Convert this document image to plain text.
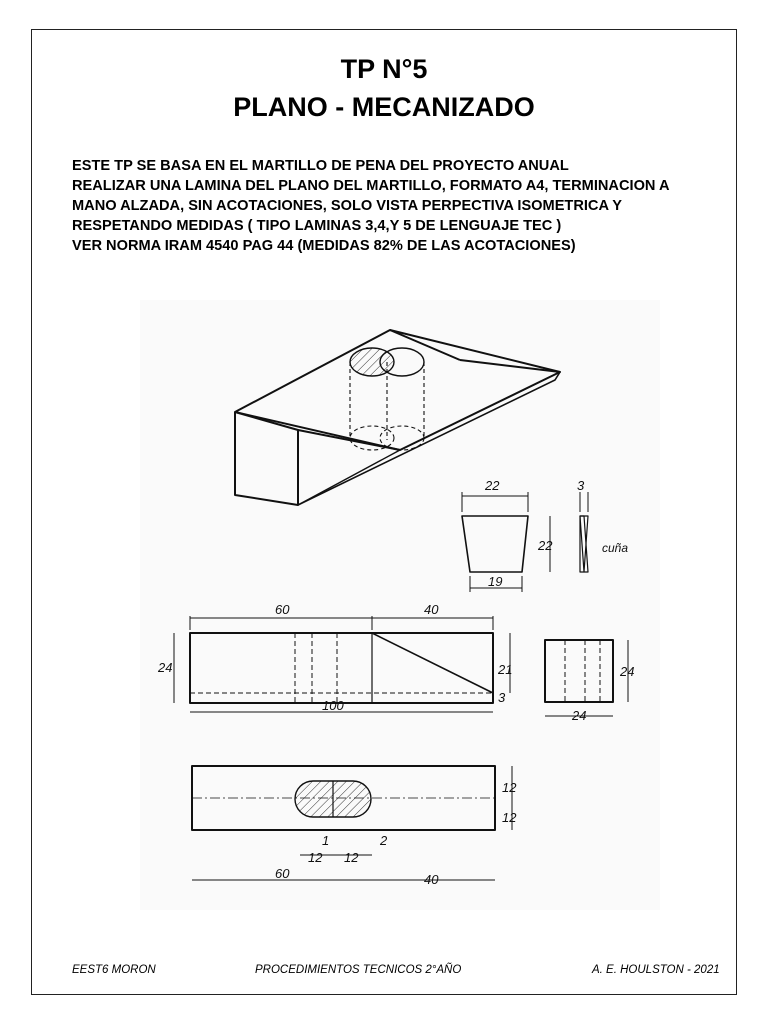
TP N°5
PLANO - MECANIZADO
ESTE TP SE BASA EN EL MARTILLO DE PENA DEL PROYECTO ANUAL
REALIZAR UNA LAMINA DEL PLANO DEL MARTILLO, FORMATO A4, TERMINACION A
MANO ALZADA, SIN ACOTACIONES, SOLO VISTA PERPECTIVA ISOMETRICA Y
RESPETANDO MEDIDAS ( TIPO LAMINAS 3,4,Y 5 DE LENGUAJE TEC )
VER NORMA IRAM 4540 PAG 44 (MEDIDAS 82% DE LAS ACOTACIONES)
22
19
22
3
cuña
60	40
24	21
3
100
24
24
12
12
1	2
12 12
60	40
EEST6 MORON	PROCEDIMIENTOS TECNICOS 2°AÑO	A. E. HOULSTON - 2021
